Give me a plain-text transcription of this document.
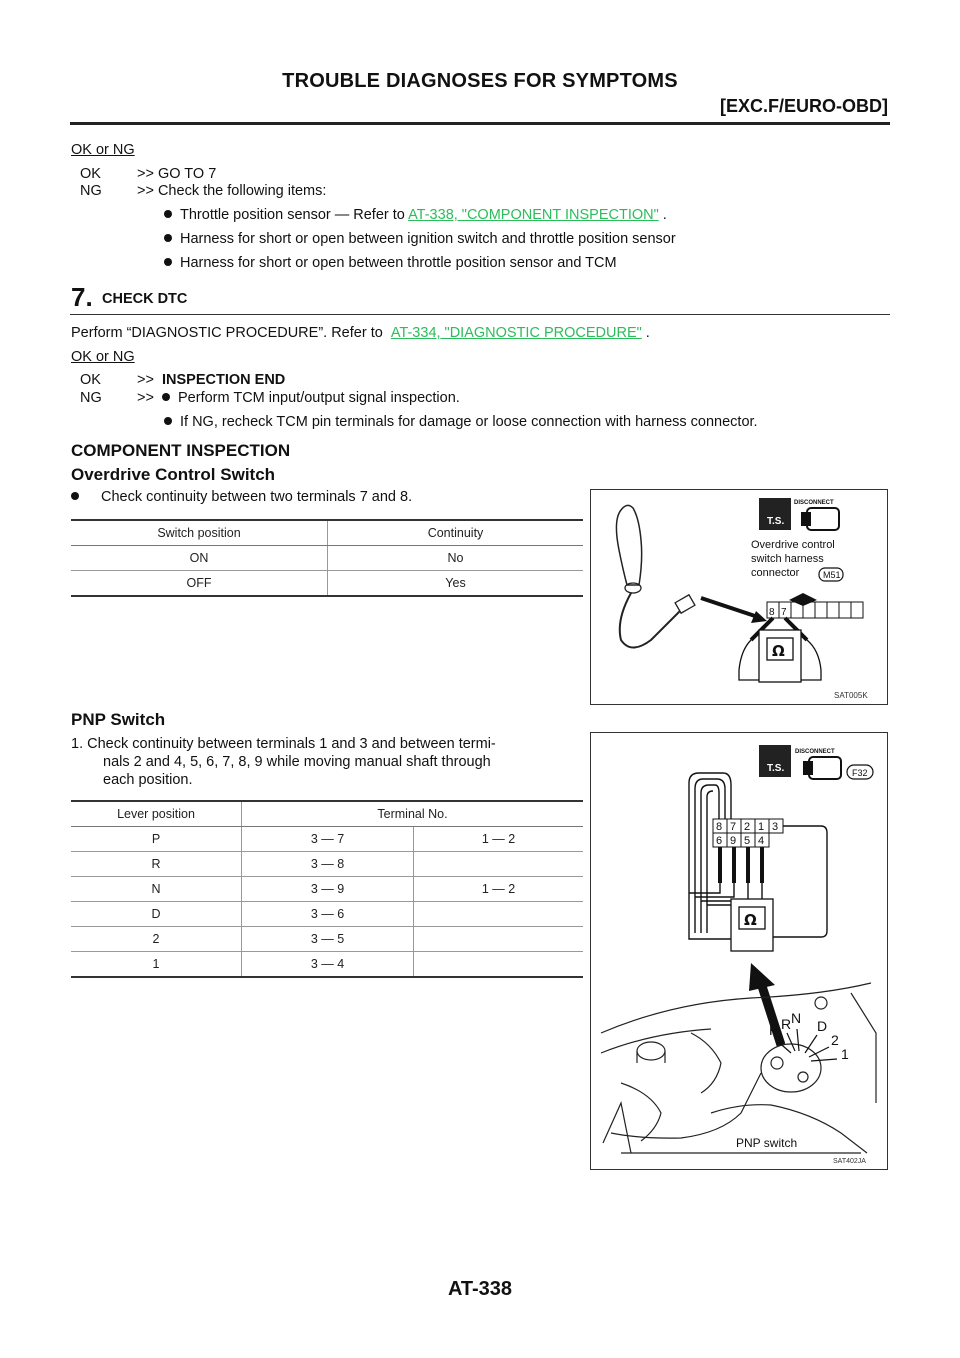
TROUBLE DIAGNOSES FOR SYMPTOMS
[EXC.F/EURO-OBD]
OK or NG
OK >> GO TO 7
NG >> Check the following items:
Throttle position sensor — Refer to AT-338, "COMPONENT INSPECTION" .
Harness for short or open between ignition switch and throttle position sensor
Harness for short or open between throttle position sensor and TCM
7. CHECK DTC
Perform “DIAGNOSTIC PROCEDURE”. Refer to AT-334, "DIAGNOSTIC PROCEDURE" .
OK or NG
OK >> INSPECTION END
NG >>	Perform TCM input/output signal inspection.
If NG, recheck TCM pin terminals for damage or loose connection with harness connector.
COMPONENT INSPECTION
Overdrive Control Switch
Check continuity between two terminals 7 and 8.
Switch position	Continuity
ON	No
OFF	Yes
T.S.
DISCONNECT
Overdrive control
switch harness
connector	M51
8 7
Ω
SAT005K
PNP Switch
1. Check continuity between terminals 1 and 3 and between termi-
nals 2 and 4, 5, 6, 7, 8, 9 while moving manual shaft through
each position.
Lever position	Terminal No.	
P	3 — 7	1 — 2
R	3 — 8	
N	3 — 9	1 — 2
D	3 — 6	
2	3 — 5	
1	3 — 4	
T.S.
DISCONNECT
F32
8 7 2 1 3
6 9 5 4
Ω
P R N D
2
1
PNP switch
SAT402JA
AT-338
